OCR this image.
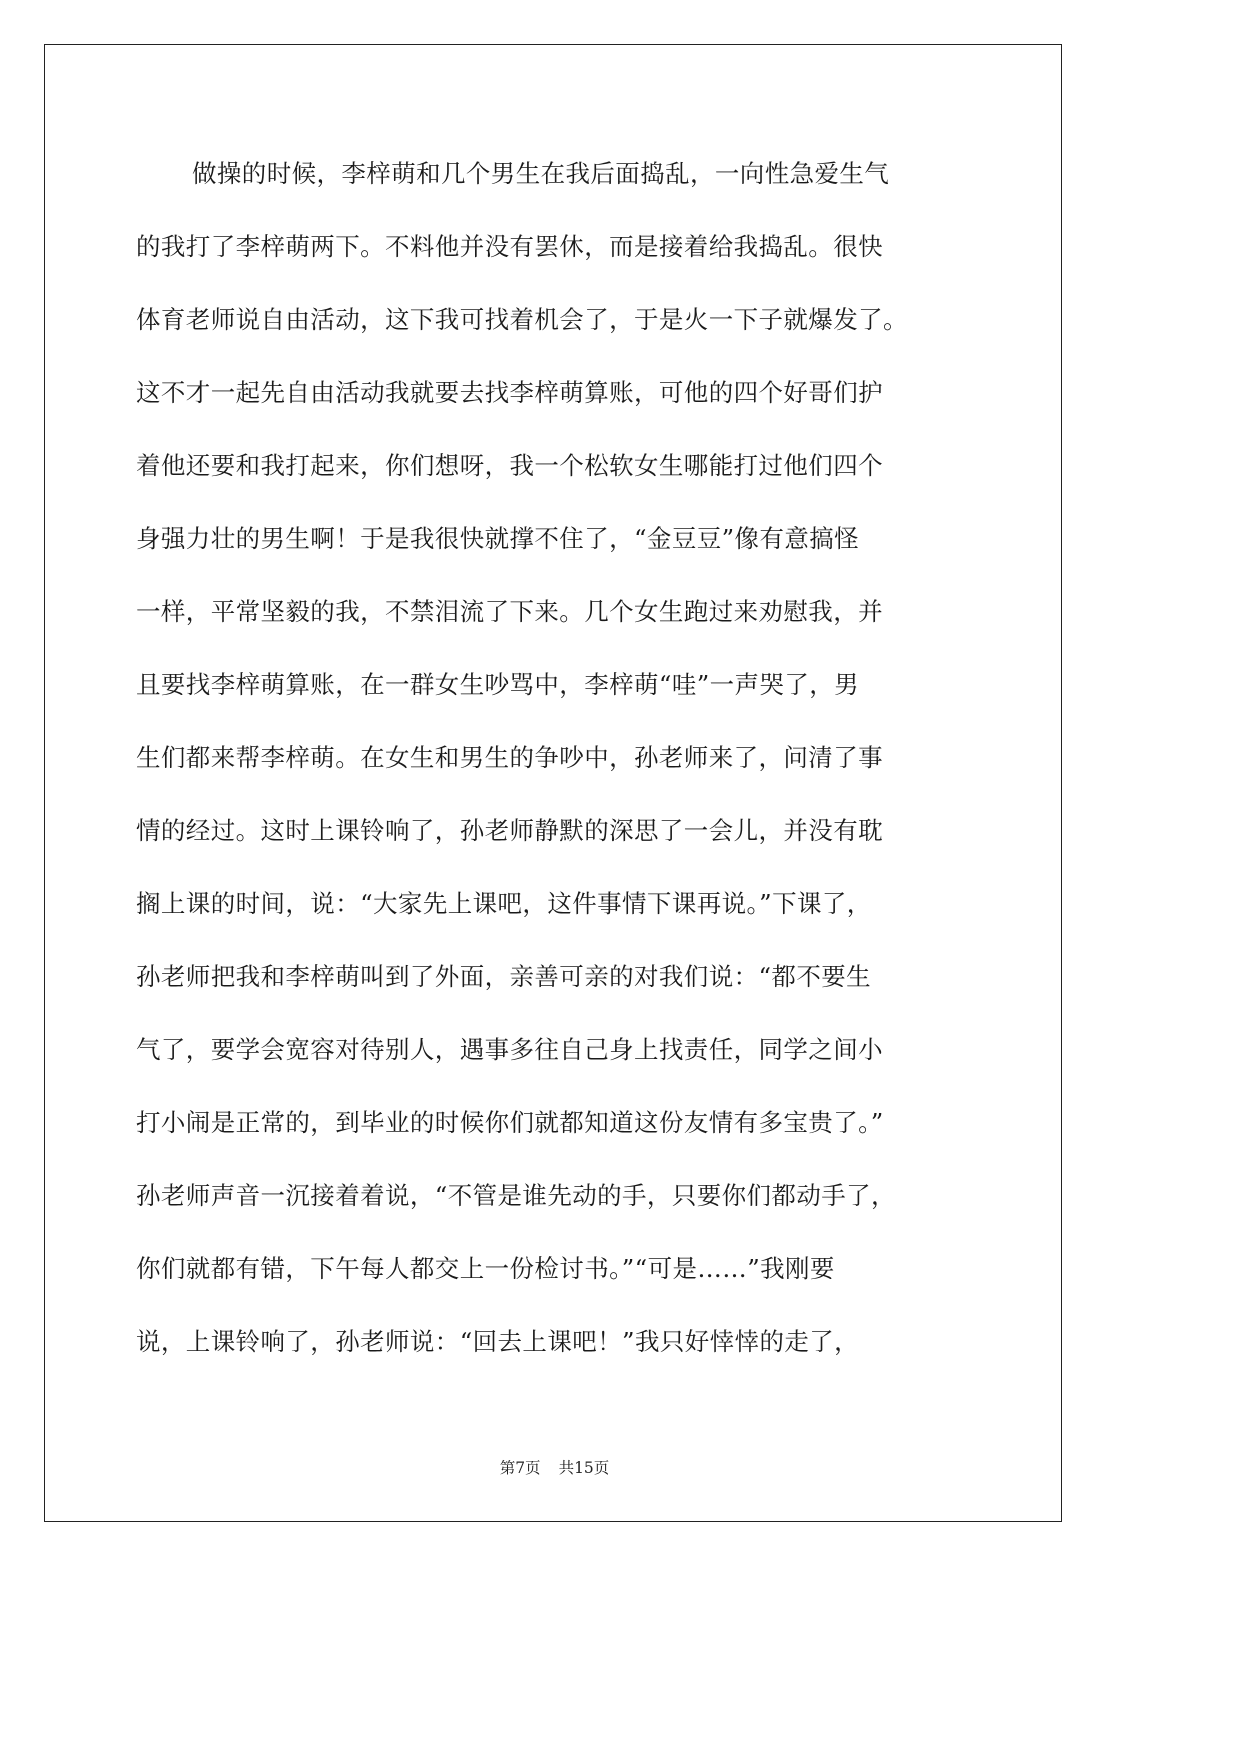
做操的时候，李梓萌和几个男生在我后面捣乱，一向性急爱生气
的我打了李梓萌两下。不料他并没有罢休，而是接着给我捣乱。很快
体育老师说自由活动，这下我可找着机会了，于是火一下子就爆发了。
这不才一起先自由活动我就要去找李梓萌算账，可他的四个好哥们护
着他还要和我打起来，你们想呀，我一个松软女生哪能打过他们四个
身强力壮的男生啊！于是我很快就撑不住了，“金豆豆”像有意搞怪
一样，平常坚毅的我，不禁泪流了下来。几个女生跑过来劝慰我，并
且要找李梓萌算账，在一群女生吵骂中，李梓萌“哇”一声哭了，男
生们都来帮李梓萌。在女生和男生的争吵中，孙老师来了，问清了事
情的经过。这时上课铃响了，孙老师静默的深思了一会儿，并没有耽
搁上课的时间，说：“大家先上课吧，这件事情下课再说。”下课了，
孙老师把我和李梓萌叫到了外面，亲善可亲的对我们说：“都不要生
气了，要学会宽容对待别人，遇事多往自己身上找责任，同学之间小
打小闹是正常的，到毕业的时候你们就都知道这份友情有多宝贵了。”
孙老师声音一沉接着着说，“不管是谁先动的手，只要你们都动手了，
你们就都有错，下午每人都交上一份检讨书。”“可是……”我刚要
说，上课铃响了，孙老师说：“回去上课吧！”我只好悻悻的走了，
第7页 共15页
